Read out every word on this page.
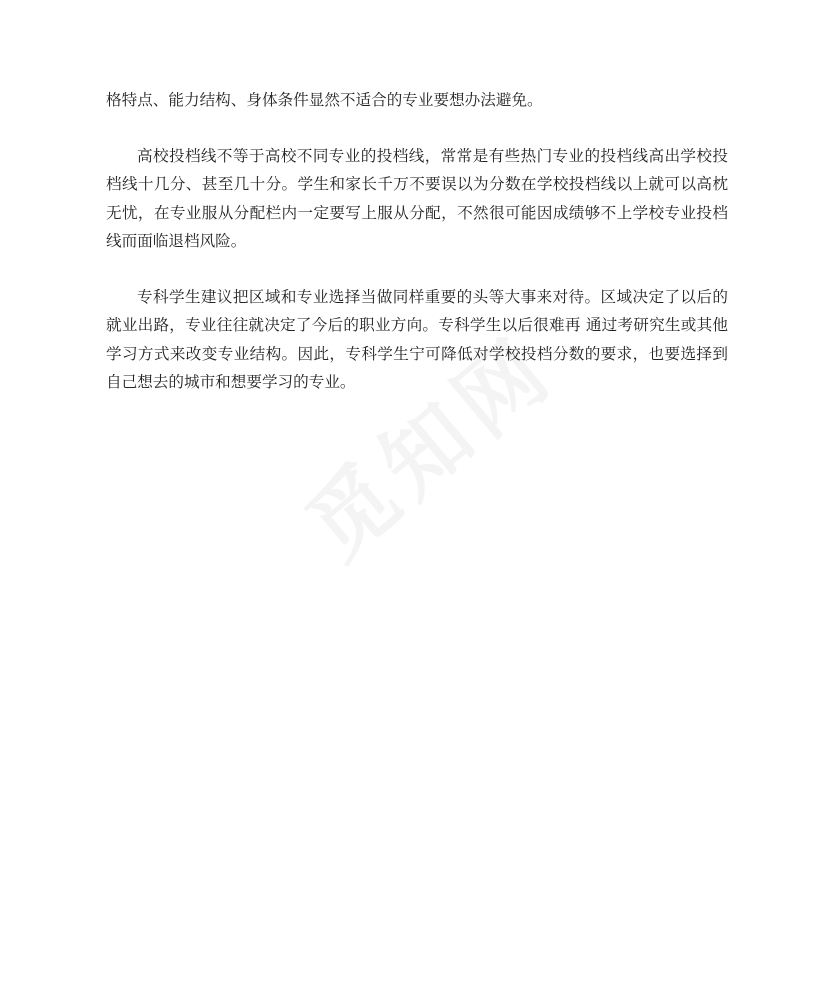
格特点、能力结构、身体条件显然不适合的专业要想办法避免。

高校投档线不等于高校不同专业的投档线，常常是有些热门专业的投档线高出学校投档线十几分、甚至几十分。学生和家长千万不要误以为分数在学校投档线以上就可以高枕无忧，在专业服从分配栏内一定要写上服从分配，不然很可能因成绩够不上学校专业投档线而面临退档风险。

专科学生建议把区域和专业选择当做同样重要的头等大事来对待。区域决定了以后的就业出路，专业往往就决定了今后的职业方向。专科学生以后很难再 通过考研究生或其他学习方式来改变专业结构。因此，专科学生宁可降低对学校投档分数的要求，也要选择到自己想去的城市和想要学习的专业。
